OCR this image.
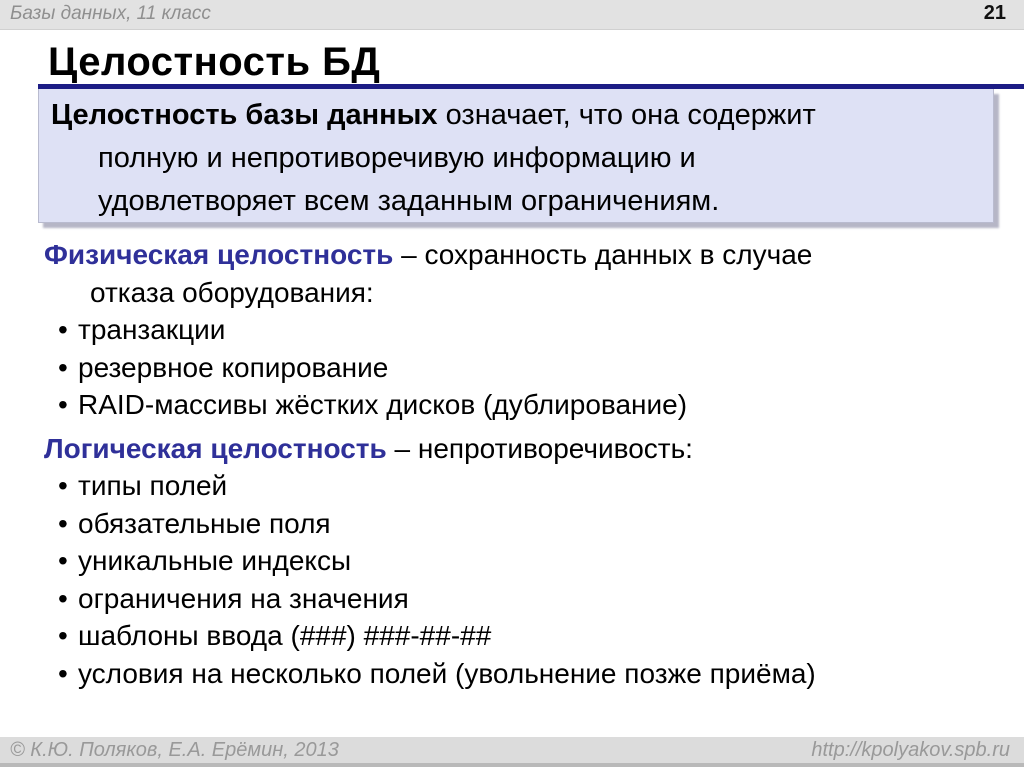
Базы данных, 11 класс	21
Целостность БД
Целостность базы данных означает, что она содержит
полную и непротиворечивую информацию и
удовлетворяет всем заданным ограничениям.
Физическая целостность – сохранность данных в случае
отказа оборудования:
• транзакции
• резервное копирование
• RAID-массивы жёстких дисков (дублирование)
Логическая целостность – непротиворечивость:
• типы полей
• обязательные поля
• уникальные индексы
• ограничения на значения
• шаблоны ввода (###) ###-##-##
• условия на несколько полей (увольнение позже приёма)
© К.Ю. Поляков, Е.А. Ерёмин, 2013	http://kpolyakov.spb.ru
